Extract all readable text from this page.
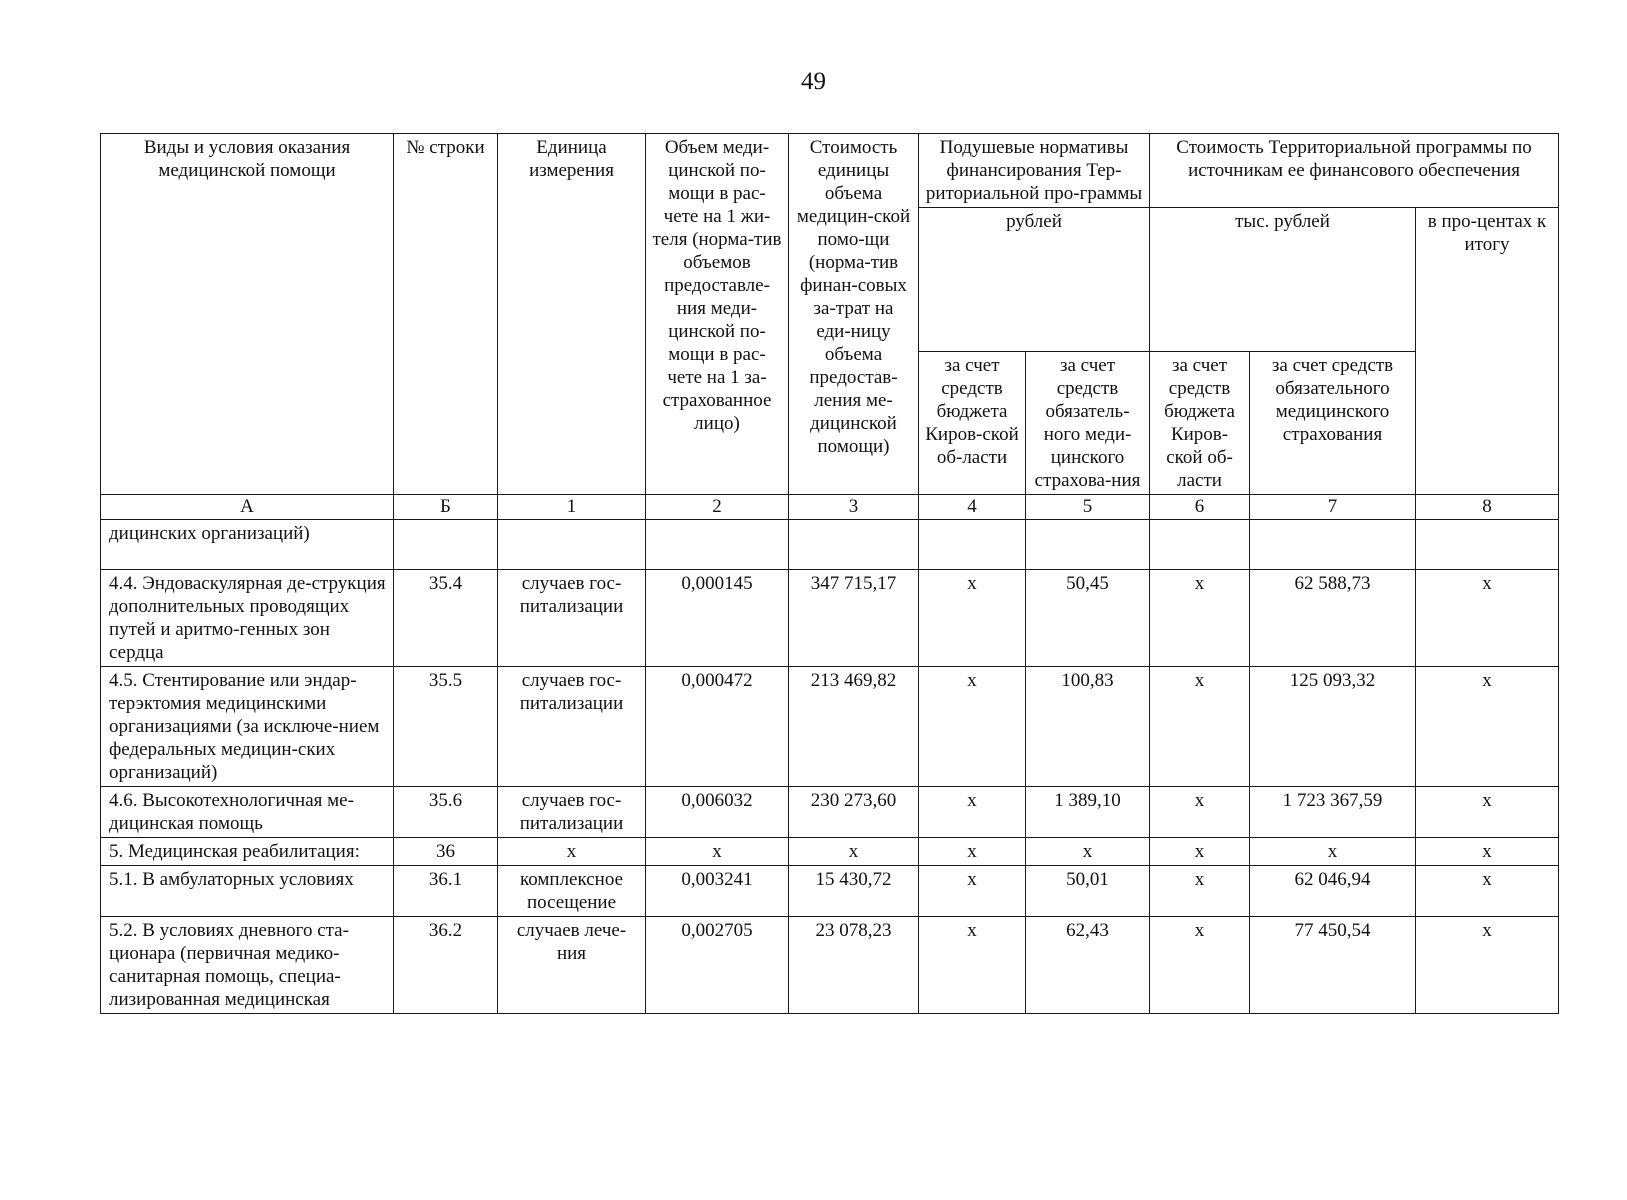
49
Виды и условия оказания медицинской помощи	№ строки	Единица измерения	Объем меди-цинской по-мощи в рас-чете на 1 жи-теля (норма-тив объемов предоставле-ния меди-цинской по-мощи в рас-чете на 1 за-страхованное лицо)	Стоимость единицы объема медицин-ской помо-щи (норма-тив финан-совых за-трат на еди-ницу объема предостав-ления ме-дицинской помощи)	Подушевые нормативы финансирования Тер-риториальной про-граммы		Стоимость Территориальной программы по источникам ее финансового обеспечения		
					рублей		тыс. рублей		в про-центах к итогу
					за счет средств бюджета Киров-ской об-ласти	за счет средств обязатель-ного меди-цинского страхова-ния	за счет средств бюджета Киров-ской об-ласти	за счет средств обязательного медицинского страхования	
А	Б	1	2	3	4	5	6	7	8
дицинских организаций)									
4.4. Эндоваскулярная де-струкция дополнительных проводящих путей и аритмо-генных зон сердца	35.4	случаев гос-питализации	0,000145	347 715,17	x	50,45	x	62 588,73	x
4.5. Стентирование или эндар-терэктомия медицинскими организациями (за исключе-нием федеральных медицин-ских организаций)	35.5	случаев гос-питализации	0,000472	213 469,82	x	100,83	x	125 093,32	x
4.6. Высокотехнологичная ме-дицинская помощь	35.6	случаев гос-питализации	0,006032	230 273,60	x	1 389,10	x	1 723 367,59	x
5. Медицинская реабилитация:	36	x	x	x	x	x	x	x	x
5.1. В амбулаторных условиях	36.1	комплексное посещение	0,003241	15 430,72	x	50,01	x	62 046,94	x
5.2. В условиях дневного ста-ционара (первичная медико-санитарная помощь, специа-лизированная медицинская	36.2	случаев лече-ния	0,002705	23 078,23	x	62,43	x	77 450,54	x
